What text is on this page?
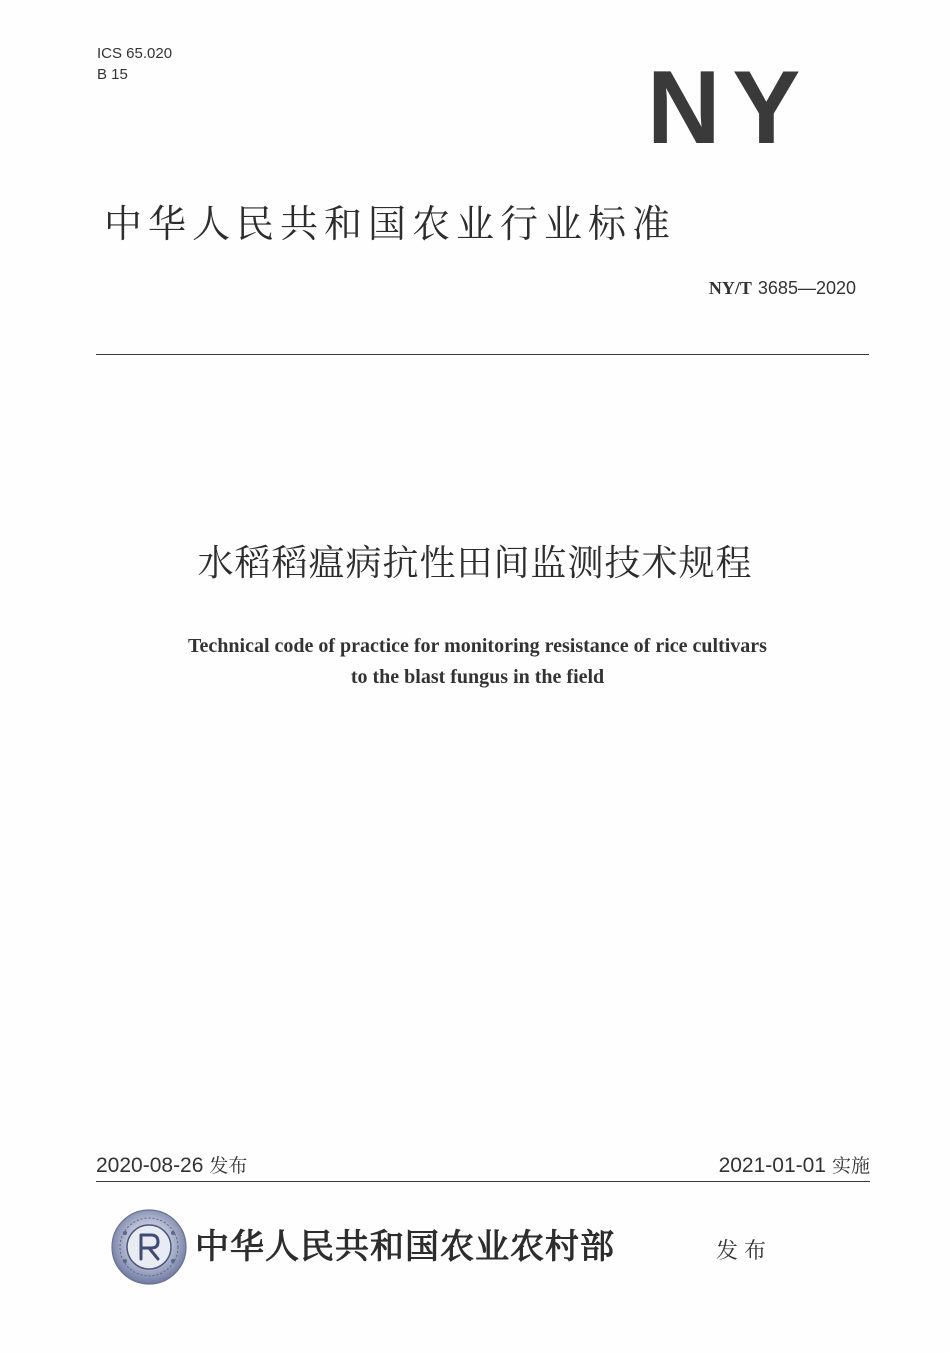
ICS 65.020
B 15	NY
中华人民共和国农业行业标准
NY/T 3685—2020
水稻稻瘟病抗性田间监测技术规程
Technical code of practice for monitoring resistance of rice cultivars
to the blast fungus in the field
2020-08-26 发布	2021-01-01 实施
中华人民共和国农业农村部	发布
